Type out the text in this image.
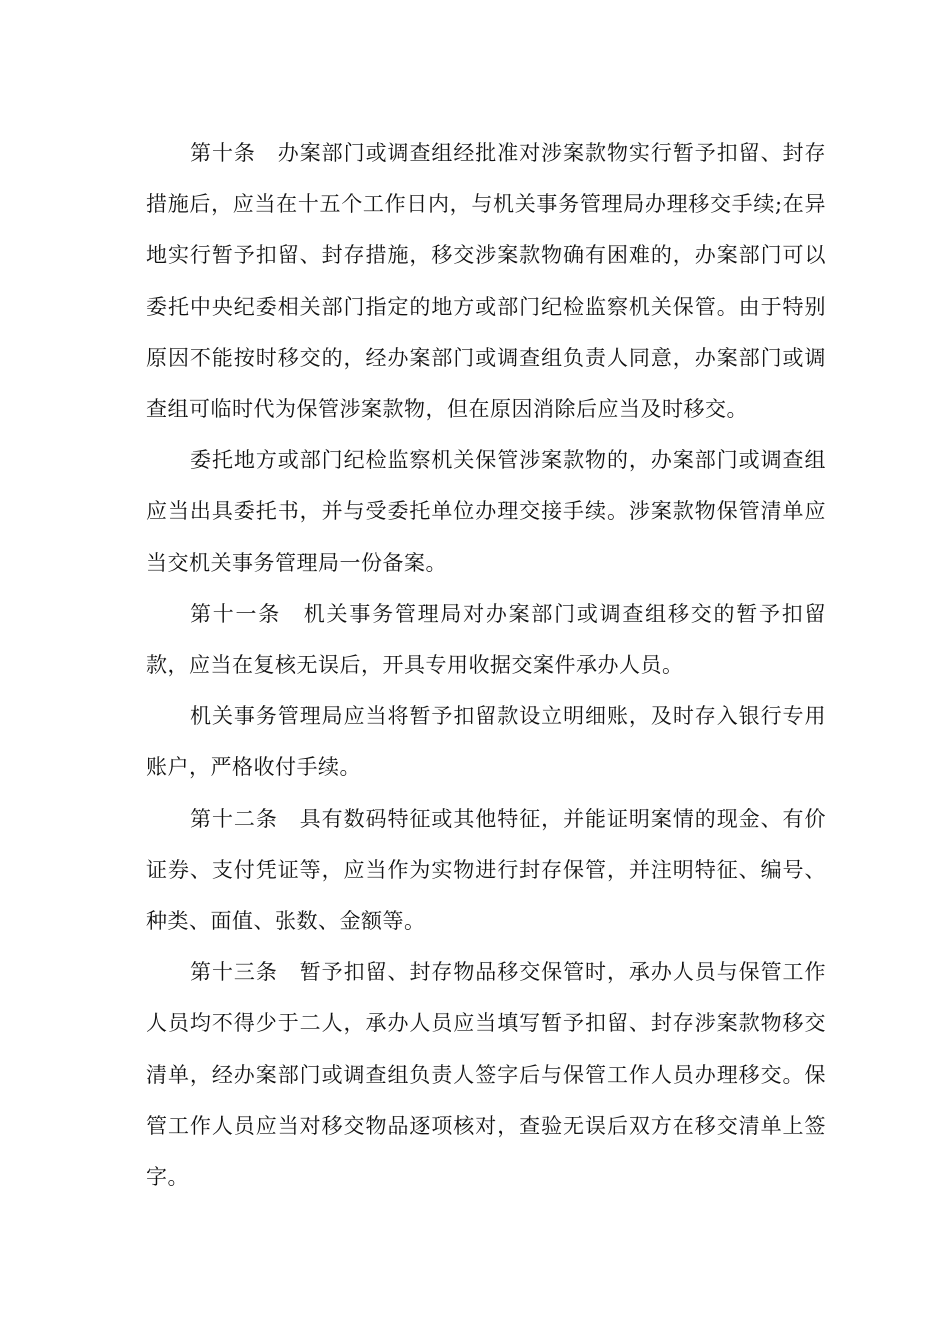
第十条　办案部门或调查组经批准对涉案款物实行暂予扣留、封存措施后，应当在十五个工作日内，与机关事务管理局办理移交手续;在异地实行暂予扣留、封存措施，移交涉案款物确有困难的，办案部门可以委托中央纪委相关部门指定的地方或部门纪检监察机关保管。由于特别原因不能按时移交的，经办案部门或调查组负责人同意，办案部门或调查组可临时代为保管涉案款物，但在原因消除后应当及时移交。

委托地方或部门纪检监察机关保管涉案款物的，办案部门或调查组应当出具委托书，并与受委托单位办理交接手续。涉案款物保管清单应当交机关事务管理局一份备案。

第十一条　机关事务管理局对办案部门或调查组移交的暂予扣留款，应当在复核无误后，开具专用收据交案件承办人员。

机关事务管理局应当将暂予扣留款设立明细账，及时存入银行专用账户，严格收付手续。

第十二条　具有数码特征或其他特征，并能证明案情的现金、有价证券、支付凭证等，应当作为实物进行封存保管，并注明特征、编号、种类、面值、张数、金额等。

第十三条　暂予扣留、封存物品移交保管时，承办人员与保管工作人员均不得少于二人，承办人员应当填写暂予扣留、封存涉案款物移交清单，经办案部门或调查组负责人签字后与保管工作人员办理移交。保管工作人员应当对移交物品逐项核对，查验无误后双方在移交清单上签字。
